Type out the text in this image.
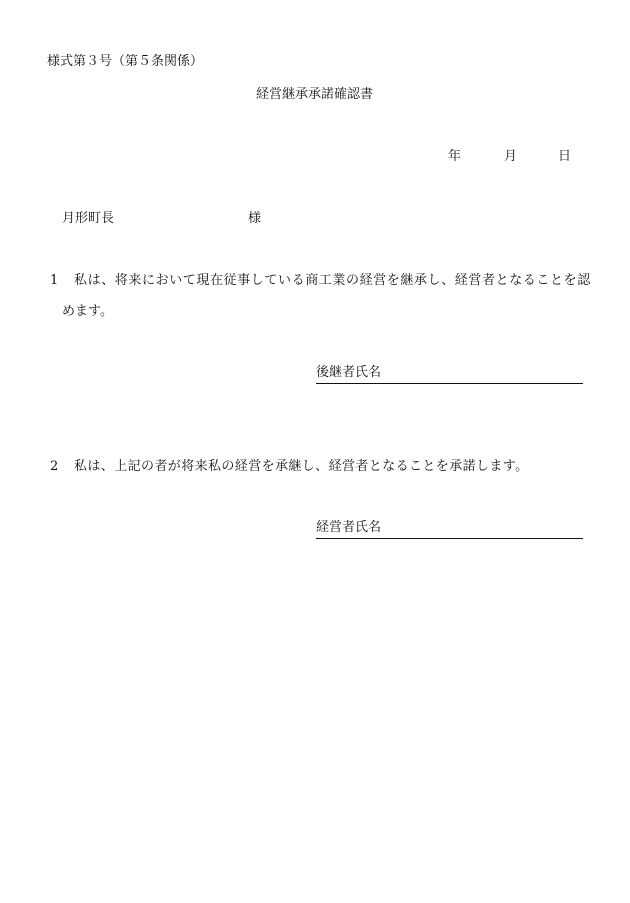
様式第３号（第５条関係）
経営継承承諾確認書
年	月	日
月形町長	様
1 私は、将来において現在従事している商工業の経営を継承し、経営者となることを認
めます。
後継者氏名
2 私は、上記の者が将来私の経営を承継し、経営者となることを承諾します。
経営者氏名
